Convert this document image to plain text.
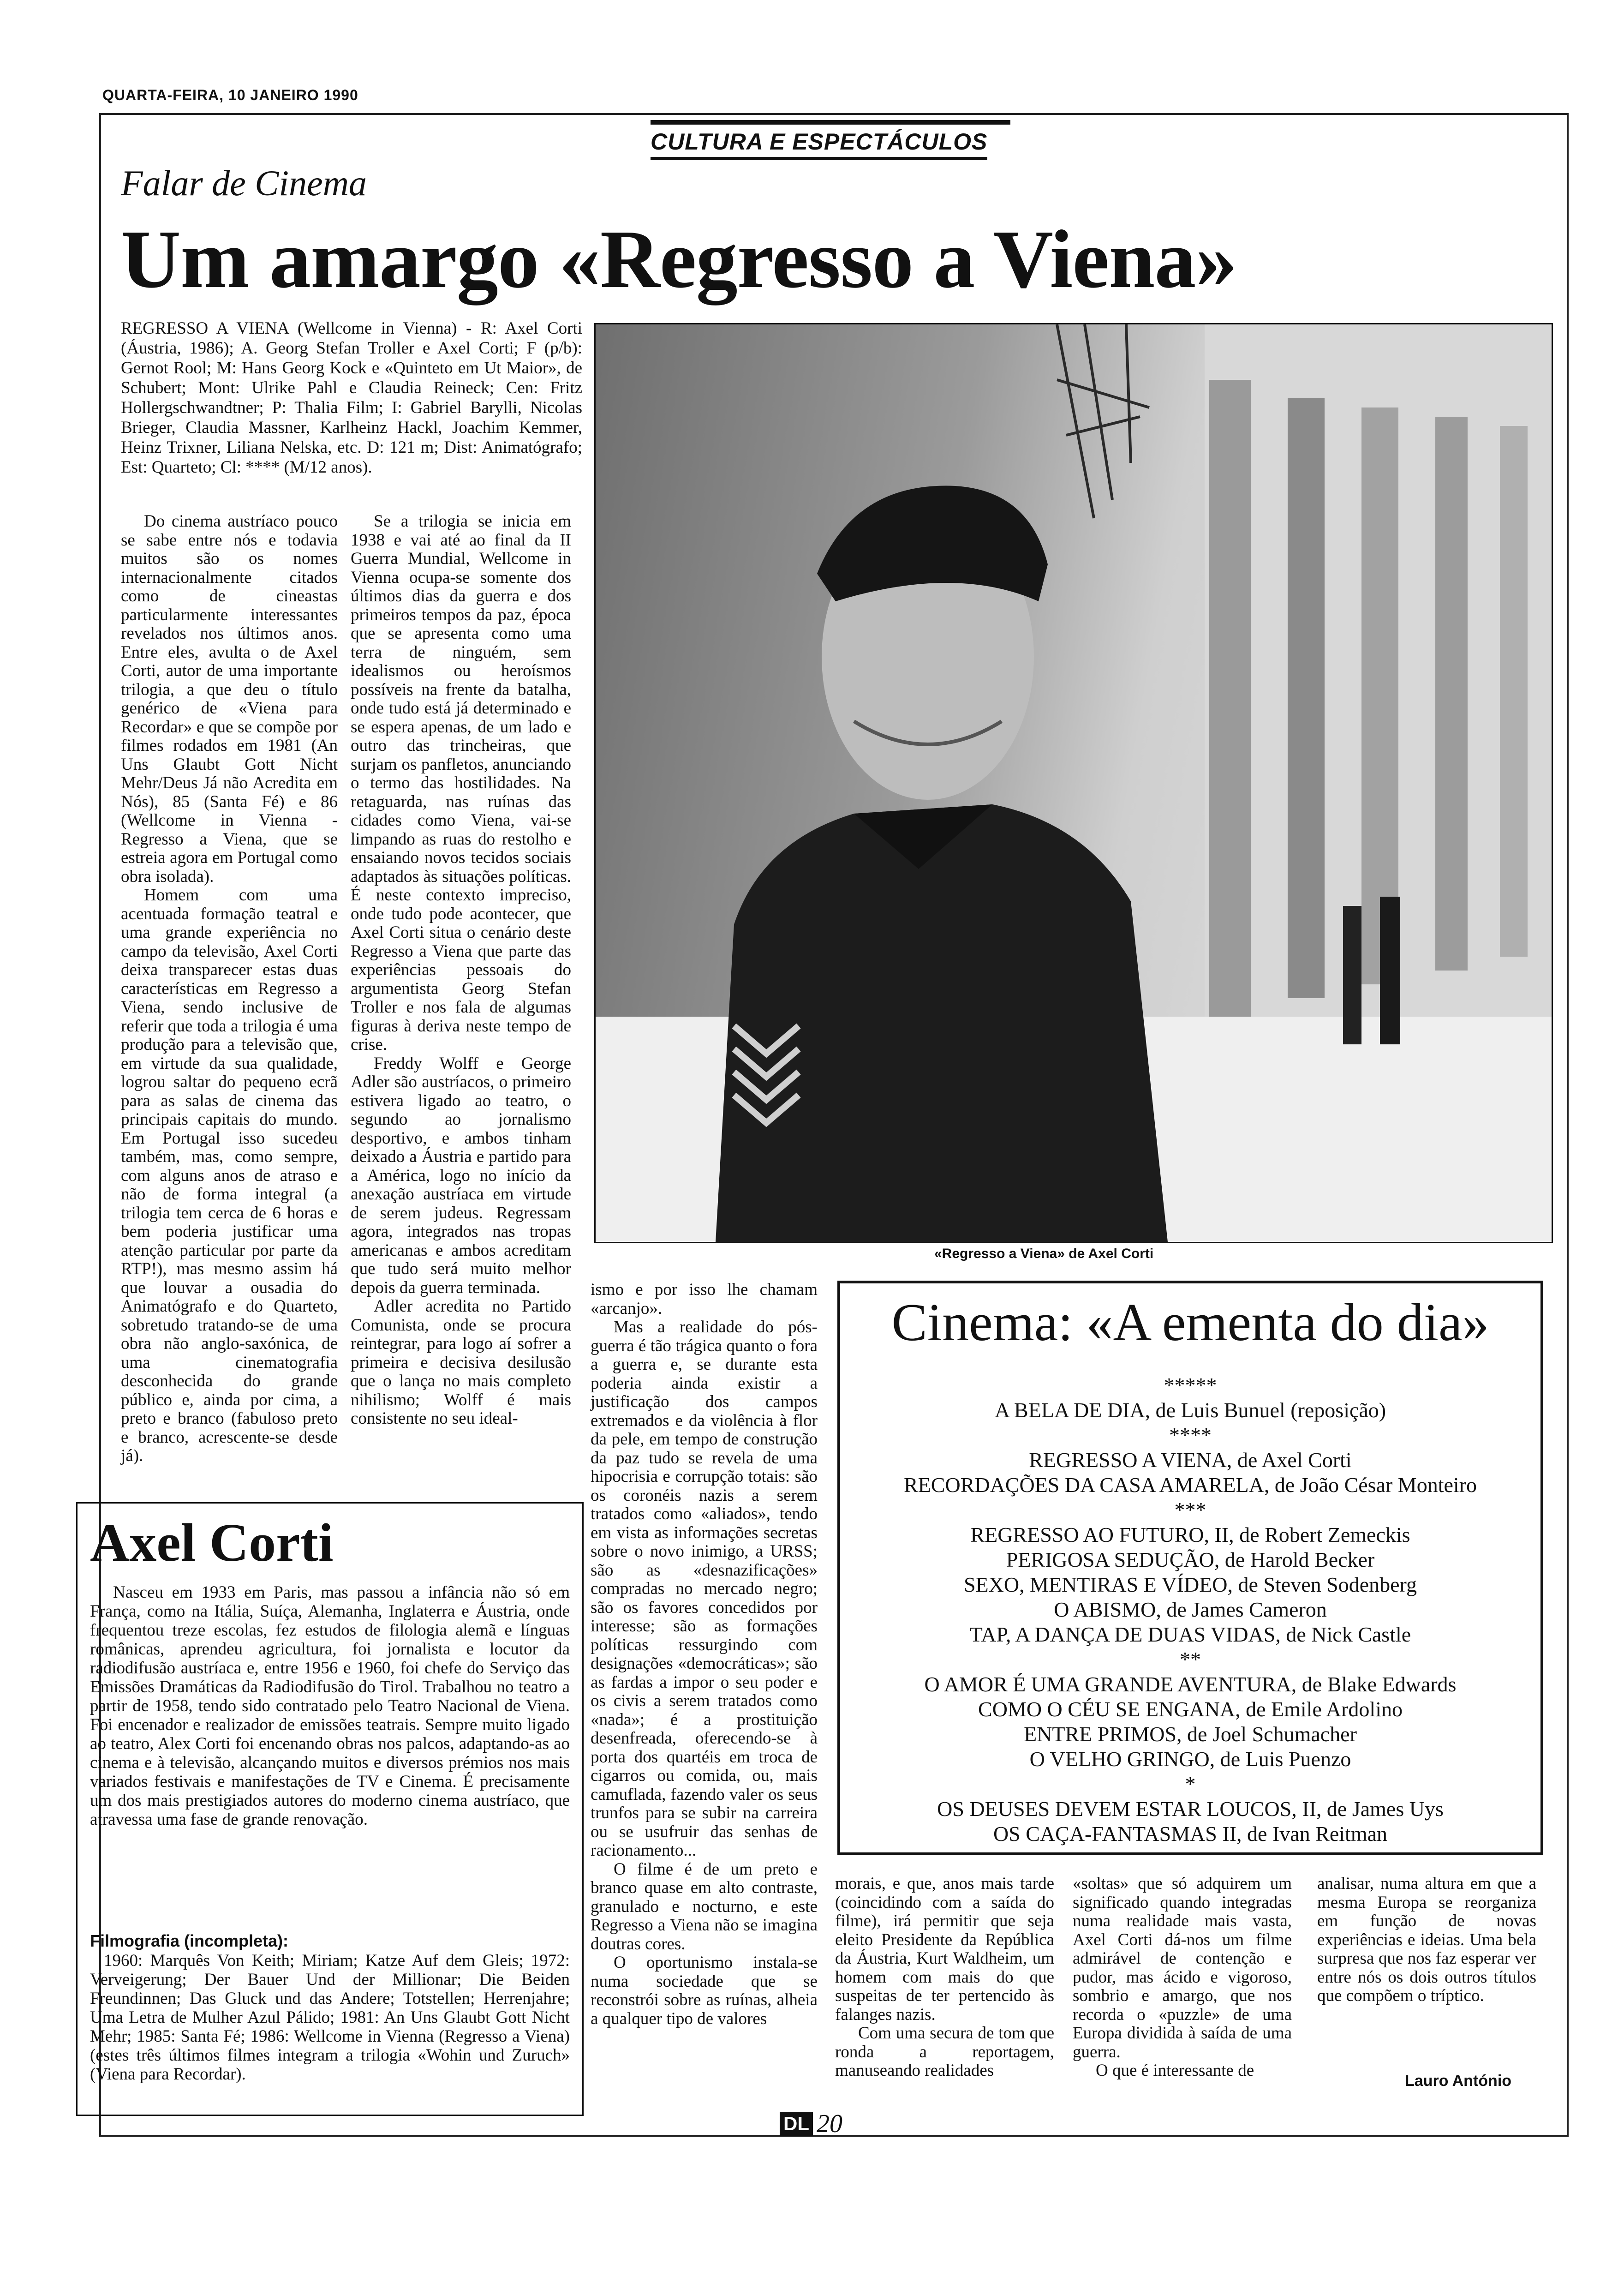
QUARTA-FEIRA, 10 JANEIRO 1990
CULTURA E ESPECTÁCULOS
Falar de Cinema
Um amargo «Regresso a Viena»
REGRESSO A VIENA (Wellcome in Vienna) - R: Axel Corti (Áustria, 1986); A. Georg Stefan Troller e Axel Corti; F (p/b): Gernot Rool; M: Hans Georg Kock e «Quinteto em Ut Maior», de Schubert; Mont: Ulrike Pahl e Claudia Reineck; Cen: Fritz Hollergschwandtner; P: Thalia Film; I: Gabriel Barylli, Nicolas Brieger, Claudia Massner, Karlheinz Hackl, Joachim Kemmer, Heinz Trixner, Liliana Nelska, etc. D: 121 m; Dist: Animatógrafo; Est: Quarteto; Cl: **** (M/12 anos).

Do cinema austríaco pouco se sabe entre nós e todavia muitos são os nomes internacionalmente citados como de cineastas particularmente interessantes revelados nos últimos anos. Entre eles, avulta o de Axel Corti, autor de uma importante trilogia, a que deu o título genérico de «Viena para Recordar» e que se compõe por filmes rodados em 1981 (An Uns Glaubt Gott Nicht Mehr/Deus Já não Acredita em Nós), 85 (Santa Fé) e 86 (Wellcome in Vienna - Regresso a Viena, que se estreia agora em Portugal como obra isolada).

Homem com uma acentuada formação teatral e uma grande experiência no campo da televisão, Axel Corti deixa transparecer estas duas características em Regresso a Viena, sendo inclusive de referir que toda a trilogia é uma produção para a televisão que, em virtude da sua qualidade, logrou saltar do pequeno ecrã para as salas de cinema das principais capitais do mundo. Em Portugal isso sucedeu também, mas, como sempre, com alguns anos de atraso e não de forma integral (a trilogia tem cerca de 6 horas e bem poderia justificar uma atenção particular por parte da RTP!), mas mesmo assim há que louvar a ousadia do Animatógrafo e do Quarteto, sobretudo tratando-se de uma obra não anglo-saxónica, de uma cinematografia desconhecida do grande público e, ainda por cima, a preto e branco (fabuloso preto e branco, acrescente-se desde já).

Se a trilogia se inicia em 1938 e vai até ao final da II Guerra Mundial, Wellcome in Vienna ocupa-se somente dos últimos dias da guerra e dos primeiros tempos da paz, época que se apresenta como uma terra de ninguém, sem idealismos ou heroísmos possíveis na frente da batalha, onde tudo está já determinado e se espera apenas, de um lado e outro das trincheiras, que surjam os panfletos, anunciando o termo das hostilidades. Na retaguarda, nas ruínas das cidades como Viena, vai-se limpando as ruas do restolho e ensaiando novos tecidos sociais adaptados às situações políticas. É neste contexto impreciso, onde tudo pode acontecer, que Axel Corti situa o cenário deste Regresso a Viena que parte das experiências pessoais do argumentista Georg Stefan Troller e nos fala de algumas figuras à deriva neste tempo de crise.

Freddy Wolff e George Adler são austríacos, o primeiro estivera ligado ao teatro, o segundo ao jornalismo desportivo, e ambos tinham deixado a Áustria e partido para a América, logo no início da anexação austríaca em virtude de serem judeus. Regressam agora, integrados nas tropas americanas e ambos acreditam que tudo será muito melhor depois da guerra terminada.

Adler acredita no Partido Comunista, onde se procura reintegrar, para logo aí sofrer a primeira e decisiva desilusão que o lança no mais completo nihilismo; Wolff é mais consistente no seu ideal-

ismo e por isso lhe chamam «arcanjo».

Mas a realidade do pós-guerra é tão trágica quanto o fora a guerra e, se durante esta poderia ainda existir a justificação dos campos extremados e da violência à flor da pele, em tempo de construção da paz tudo se revela de uma hipocrisia e corrupção totais: são os coronéis nazis a serem tratados como «aliados», tendo em vista as informações secretas sobre o novo inimigo, a URSS; são as «desnazificações» compradas no mercado negro; são os favores concedidos por interesse; são as formações políticas ressurgindo com designações «democráticas»; são as fardas a impor o seu poder e os civis a serem tratados como «nada»; é a prostituição desenfreada, oferecendo-se à porta dos quartéis em troca de cigarros ou comida, ou, mais camuflada, fazendo valer os seus trunfos para se subir na carreira ou se usufruir das senhas de racionamento...

O filme é de um preto e branco quase em alto contraste, granulado e nocturno, e este Regresso a Viena não se imagina doutras cores.

O oportunismo instala-se numa sociedade que se reconstrói sobre as ruínas, alheia a qualquer tipo de valores

morais, e que, anos mais tarde (coincidindo com a saída do filme), irá permitir que seja eleito Presidente da República da Áustria, Kurt Waldheim, um homem com mais do que suspeitas de ter pertencido às falanges nazis.

Com uma secura de tom que ronda a reportagem, manuseando realidades

«soltas» que só adquirem um significado quando integradas numa realidade mais vasta, Axel Corti dá-nos um filme admirável de contenção e pudor, mas ácido e vigoroso, sombrio e amargo, que nos recorda o «puzzle» de uma Europa dividida à saída de uma guerra.

O que é interessante de

analisar, numa altura em que a mesma Europa se reorganiza em função de novas experiências e ideias. Uma bela surpresa que nos faz esperar ver entre nós os dois outros títulos que compõem o tríptico.

Lauro António
«Regresso a Viena» de Axel Corti
Cinema: «A ementa do dia»
*****
A BELA DE DIA, de Luis Bunuel (reposição)
****
REGRESSO A VIENA, de Axel Corti
RECORDAÇÕES DA CASA AMARELA, de João César Monteiro
***
REGRESSO AO FUTURO, II, de Robert Zemeckis
PERIGOSA SEDUÇÃO, de Harold Becker
SEXO, MENTIRAS E VÍDEO, de Steven Sodenberg
O ABISMO, de James Cameron
TAP, A DANÇA DE DUAS VIDAS, de Nick Castle
**
O AMOR É UMA GRANDE AVENTURA, de Blake Edwards
COMO O CÉU SE ENGANA, de Emile Ardolino
ENTRE PRIMOS, de Joel Schumacher
O VELHO GRINGO, de Luis Puenzo
*
OS DEUSES DEVEM ESTAR LOUCOS, II, de James Uys
OS CAÇA-FANTASMAS II, de Ivan Reitman
Axel Corti

Nasceu em 1933 em Paris, mas passou a infância não só em França, como na Itália, Suíça, Alemanha, Inglaterra e Áustria, onde frequentou treze escolas, fez estudos de filologia alemã e línguas românicas, aprendeu agricultura, foi jornalista e locutor da radiodifusão austríaca e, entre 1956 e 1960, foi chefe do Serviço das Emissões Dramáticas da Radiodifusão do Tirol. Trabalhou no teatro a partir de 1958, tendo sido contratado pelo Teatro Nacional de Viena. Foi encenador e realizador de emissões teatrais. Sempre muito ligado ao teatro, Alex Corti foi encenando obras nos palcos, adaptando-as ao cinema e à televisão, alcançando muitos e diversos prémios nos mais variados festivais e manifestações de TV e Cinema. É precisamente um dos mais prestigiados autores do moderno cinema austríaco, que atravessa uma fase de grande renovação.

Filmografia (incompleta):
1960: Marquês Von Keith; Miriam; Katze Auf dem Gleis; 1972: Verveigerung; Der Bauer Und der Millionar; Die Beiden Freundinnen; Das Gluck und das Andere; Totstellen; Herrenjahre; Uma Letra de Mulher Azul Pálido; 1981: An Uns Glaubt Gott Nicht Mehr; 1985: Santa Fé; 1986: Wellcome in Vienna (Regresso a Viena) (estes três últimos filmes integram a trilogia «Wohin und Zuruch» (Viena para Recordar).
DL 20
